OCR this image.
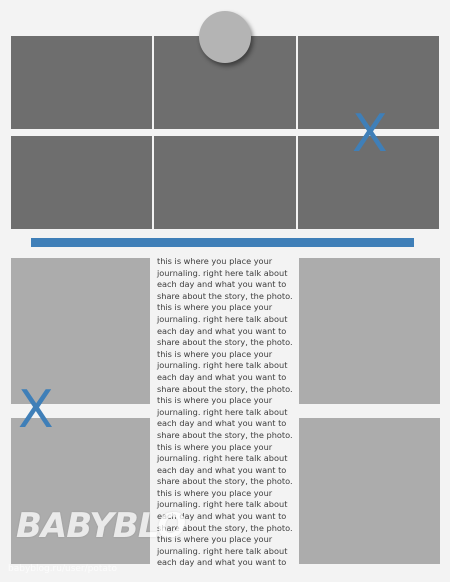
X
X

this is where you place your

journaling. right here talk about

each day and what you want to

share about the story, the photo.

this is where you place your

journaling. right here talk about

each day and what you want to

share about the story, the photo.

this is where you place your

journaling. right here talk about

each day and what you want to

share about the story, the photo.

this is where you place your

journaling. right here talk about

each day and what you want to

share about the story, the photo.

this is where you place your

journaling. right here talk about

each day and what you want to

share about the story, the photo.

this is where you place your

journaling. right here talk about

each day and what you want to

share about the story, the photo.

this is where you place your

journaling. right here talk about

each day and what you want to

BABYBLO
babyblog.ru/user/potato
